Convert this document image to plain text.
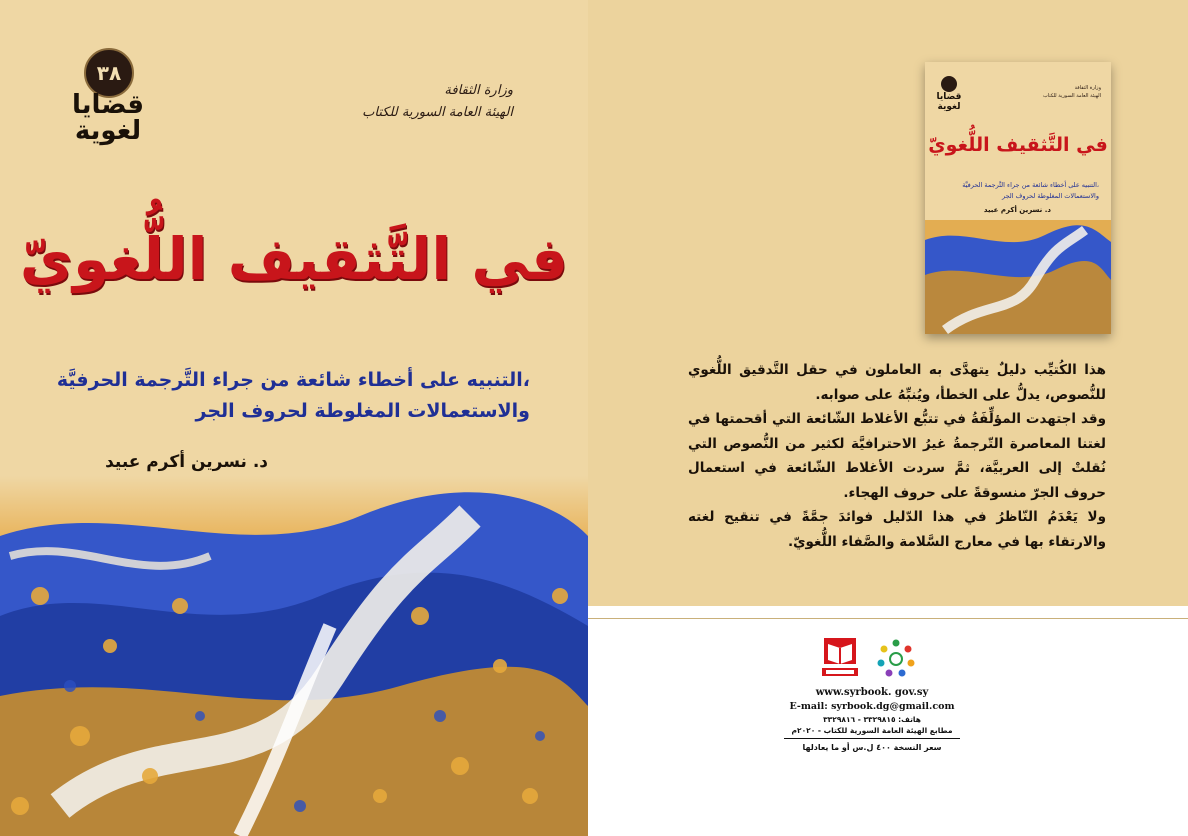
٣٨
قضايا
لغوية
وزارة الثقافة
الهيئة العامة السورية للكتاب
في التَّثقيف اللُّغويّ
التنبيه على أخطاء شائعة من جراء التَّرجمة الحرفيَّة،
والاستعمالات المغلوطة لحروف الجر
د. نسرين أكرم عبيد
قضايا
لغوية
وزارة الثقافة
الهيئة العامة السورية للكتاب
في التَّثقيف اللُّغويّ
التنبيه على أخطاء شائعة من جراء التَّرجمة الحرفيَّة،
والاستعمالات المغلوطة لحروف الجر
د. نسرين أكرم عبيد

هذا الكُتيِّب دليلٌ يتهدَّى به العاملون في حقل التَّدقيق اللُّغوي للنُّصوص، يدلُّ على الخطأ، ويُنبِّهُ على صوابه.

وقد اجتهدت المؤلِّفَةُ في تتبُّع الأغلاط الشّائعة التي أقحمتها في لغتنا المعاصرة التّرجمةُ غيرُ الاحترافيَّة لكثير من النُّصوص التي نُقلتْ إلى العربيَّة، ثمَّ سردت الأغلاط الشّائعة في استعمال حروف الجرّ منسوقةً على حروف الهجاء.

ولا يَعْدَمُ النّاظرُ في هذا الدّليل فوائدَ جمَّةً في تنقيح لغته والارتقاء بها في معارج السَّلامة والصَّفاء اللُّغويّ.

www.syrbook. gov.sy
E-mail: syrbook.dg@gmail.com
هاتف: ٣٣٢٩٨١٥ - ٣٣٢٩٨١٦
مطابع الهيئة العامة السورية للكتاب - ٢٠٢٠م
سعر النسخة ٤٠٠ ل.س أو ما يعادلها
